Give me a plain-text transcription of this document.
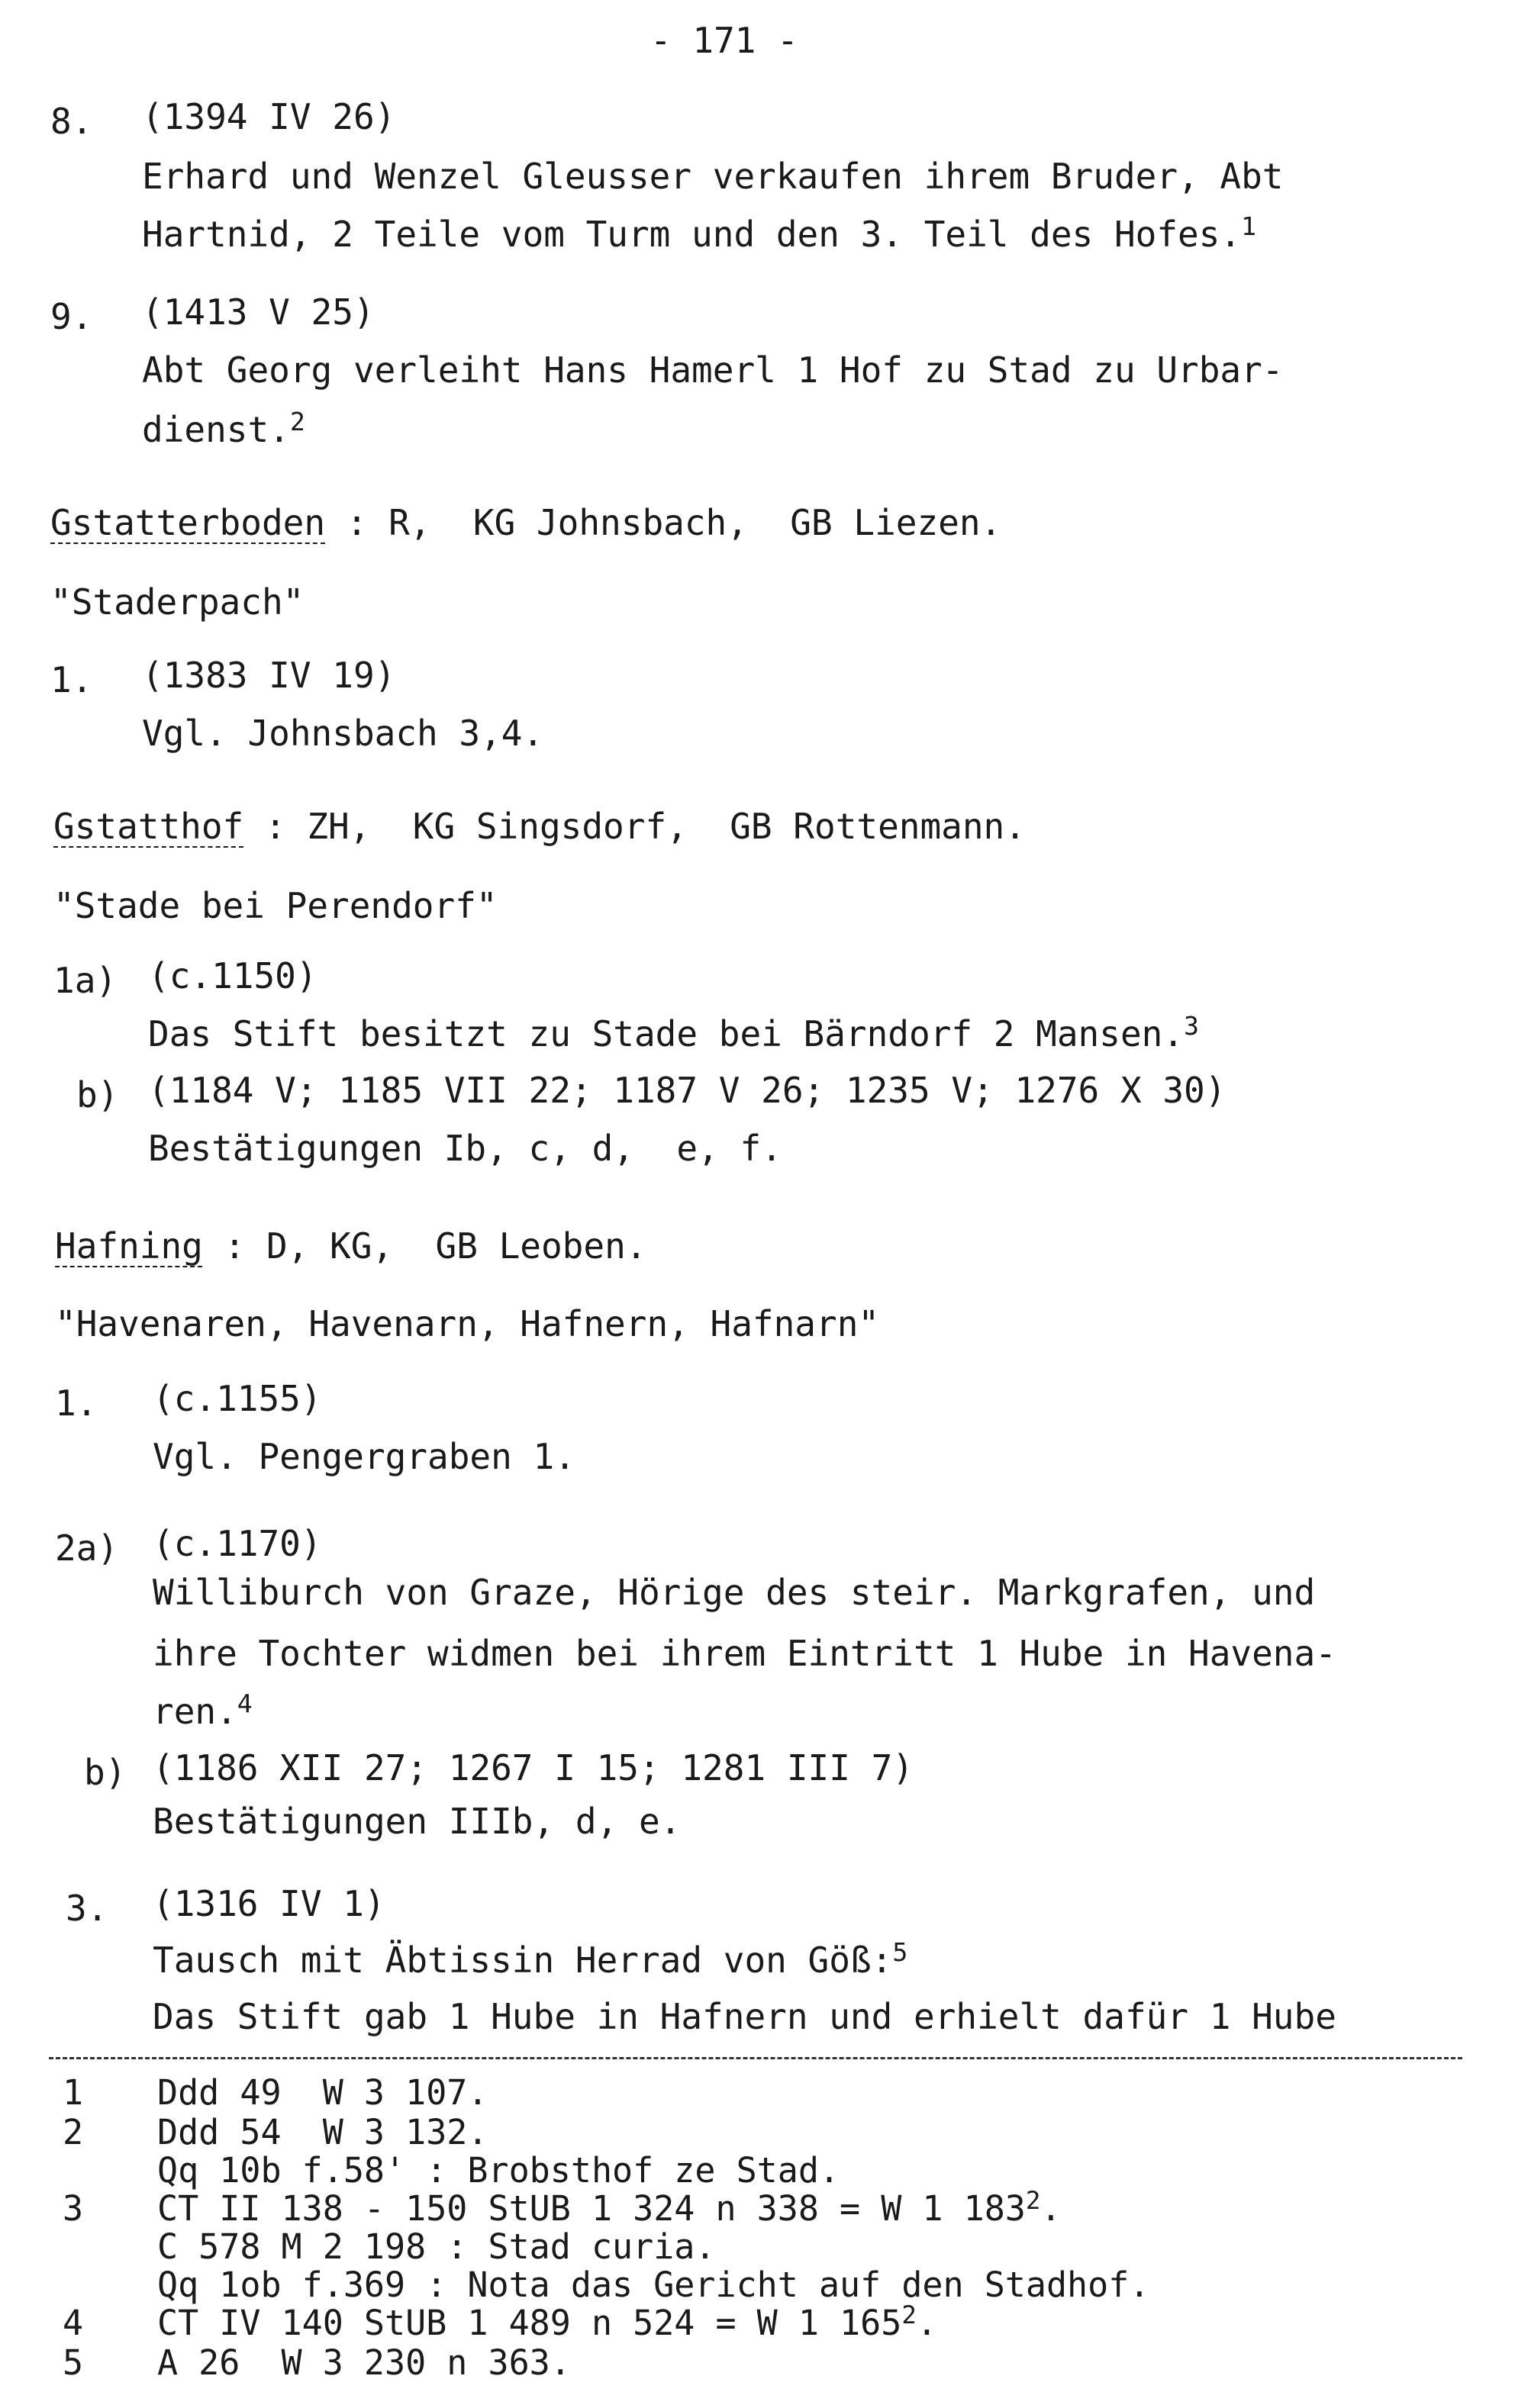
- 171 -
8. (1394 IV 26)
Erhard und Wenzel Gleusser verkaufen ihrem Bruder, Abt
Hartnid, 2 Teile vom Turm und den 3. Teil des Hofes.$^1$
9. (1413 V 25)
Abt Georg verleiht Hans Hamerl 1 Hof zu Stad zu Urbar-
dienst.$^2$
Gstatterboden : R,  KG Johnsbach,  GB Liezen.
"Staderpach"
1. (1383 IV 19)
Vgl. Johnsbach 3,4.
Gstatthof : ZH,  KG Singsdorf,  GB Rottenmann.
"Stade bei Perendorf"
1a) (c.1150)
Das Stift besitzt zu Stade bei Bärndorf 2 Mansen.$^3$
b) (1184 V; 1185 VII 22; 1187 V 26; 1235 V; 1276 X 30)
Bestätigungen Ib, c, d,  e, f.
Hafning : D, KG,  GB Leoben.
"Havenaren, Havenarn, Hafnern, Hafnarn"
1. (c.1155)
Vgl. Pengergraben 1.
2a) (c.1170)
Williburch von Graze, Hörige des steir. Markgrafen, und
ihre Tochter widmen bei ihrem Eintritt 1 Hube in Havena-
ren.$^4$
b) (1186 XII 27; 1267 I 15; 1281 III 7)
Bestätigungen IIIb, d, e.
3. (1316 IV 1)
Tausch mit Äbtissin Herrad von Göß:$^5$
Das Stift gab 1 Hube in Hafnern und erhielt dafür 1 Hube
1 Ddd 49  W 3 107.
2 Ddd 54  W 3 132.
Qq 10b f.58' : Brobsthof ze Stad.
3 CT II 138 - 150 StUB 1 324 n 338 = W 1 $183^2$.
C 578 M 2 198 : Stad curia.
Qq 1ob f.369 : Nota das Gericht auf den Stadhof.
4 CT IV 140 StUB 1 489 n 524 = W 1 $165^2$.
5 A 26  W 3 230 n 363.
